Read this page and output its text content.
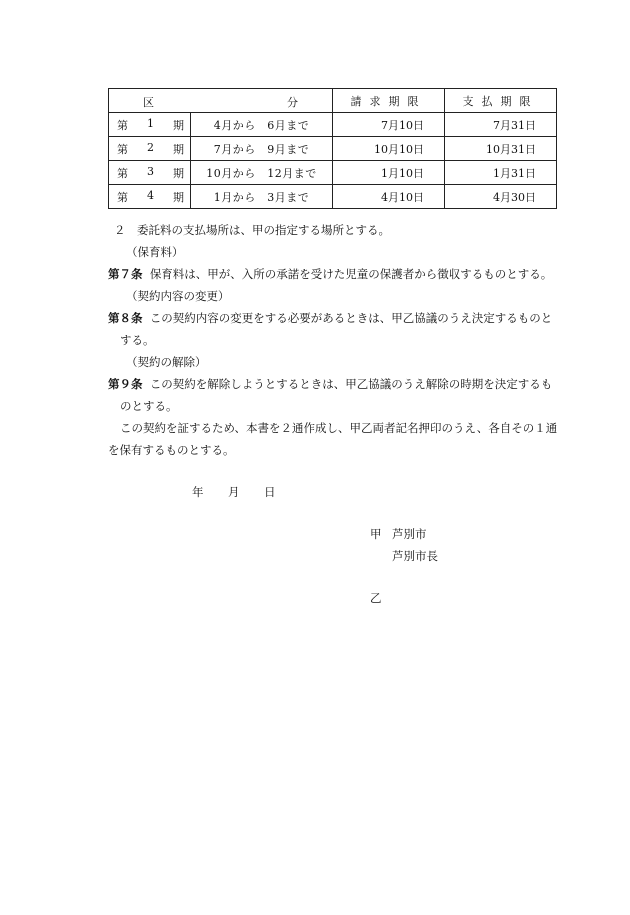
区 分		請求期限	支払期限

第 1 期	4月から　6月まで	7月10日	7月31日

第 2 期	7月から　9月まで	10月10日	10月31日

第 3 期	10月から　12月まで	1月10日	1月31日

第 4 期	1月から　3月まで	4月10日	4月30日
２　委託料の支払場所は、甲の指定する場所とする。
（保育料）
第７条 保育料は、甲が、入所の承諾を受けた児童の保護者から徴収するものとする。
（契約内容の変更）
第８条 この契約内容の変更をする必要があるときは、甲乙協議のうえ決定するものと
する。
（契約の解除）
第９条 この契約を解除しようとするときは、甲乙協議のうえ解除の時期を決定するも
のとする。
この契約を証するため、本書を２通作成し、甲乙両者記名押印のうえ、各自その１通
を保有するものとする。
年 月 日
甲 芦別市
芦別市長
乙
